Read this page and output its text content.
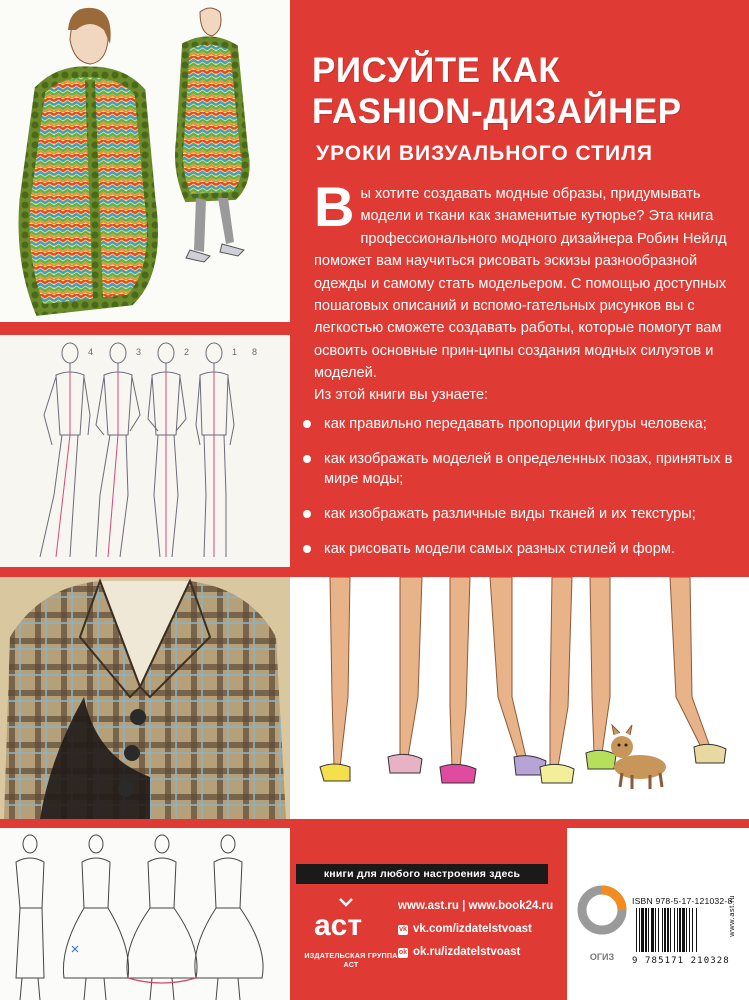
4	3	2	1 8
РИСУЙТЕ КАК
FASHION-ДИЗАЙНЕР
УРОКИ ВИЗУАЛЬНОГО СТИЛЯ

Вы хотите создавать модные образы, придумывать модели и ткани как знаменитые кутюрье? Эта книга профессионального модного дизайнера Робин Нейлд поможет вам научиться рисовать эскизы разнообразной одежды и самому стать модельером. С помощью доступных пошаговых описаний и вспомо-гательных рисунков вы с легкостью сможете создавать работы, которые помогут вам освоить основные прин-ципы создания модных силуэтов и моделей.

Из этой книги вы узнаете:

как правильно передавать пропорции фигуры человека;
как изображать моделей в определенных позах, принятых в мире моды;
как изображать различные виды тканей и их текстуры;
как рисовать модели самых разных стилей и форм.
книги для любого настроения здесь
аст
ИЗДАТЕЛЬСКАЯ ГРУППА АСТ
www.ast.ru | www.book24.ru
vk vk.com/izdatelstvoast
ok ok.ru/izdatelstvoast	ОГИЗ
ISBN 978-5-17-121032-8
9 785171 210328
www.ast.ru
